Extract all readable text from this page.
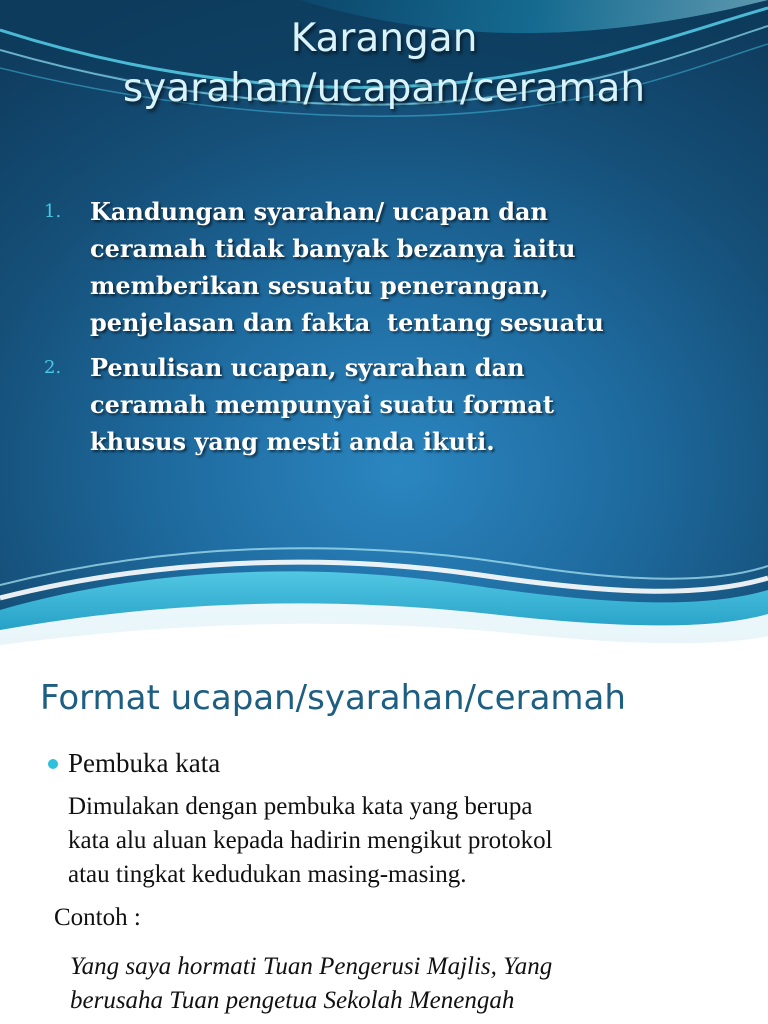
Karangan
syarahan/ucapan/ceramah
1. Kandungan syarahan/ ucapan dan
ceramah tidak banyak bezanya iaitu
memberikan sesuatu penerangan,
penjelasan dan fakta  tentang sesuatu
2. Penulisan ucapan, syarahan dan
ceramah mempunyai suatu format
khusus yang mesti anda ikuti.
Format ucapan/syarahan/ceramah
Pembuka kata
Dimulakan dengan pembuka kata yang berupa
kata alu aluan kepada hadirin mengikut protokol
atau tingkat kedudukan masing-masing.
Contoh :
Yang saya hormati Tuan Pengerusi Majlis, Yang
berusaha Tuan pengetua Sekolah Menengah
